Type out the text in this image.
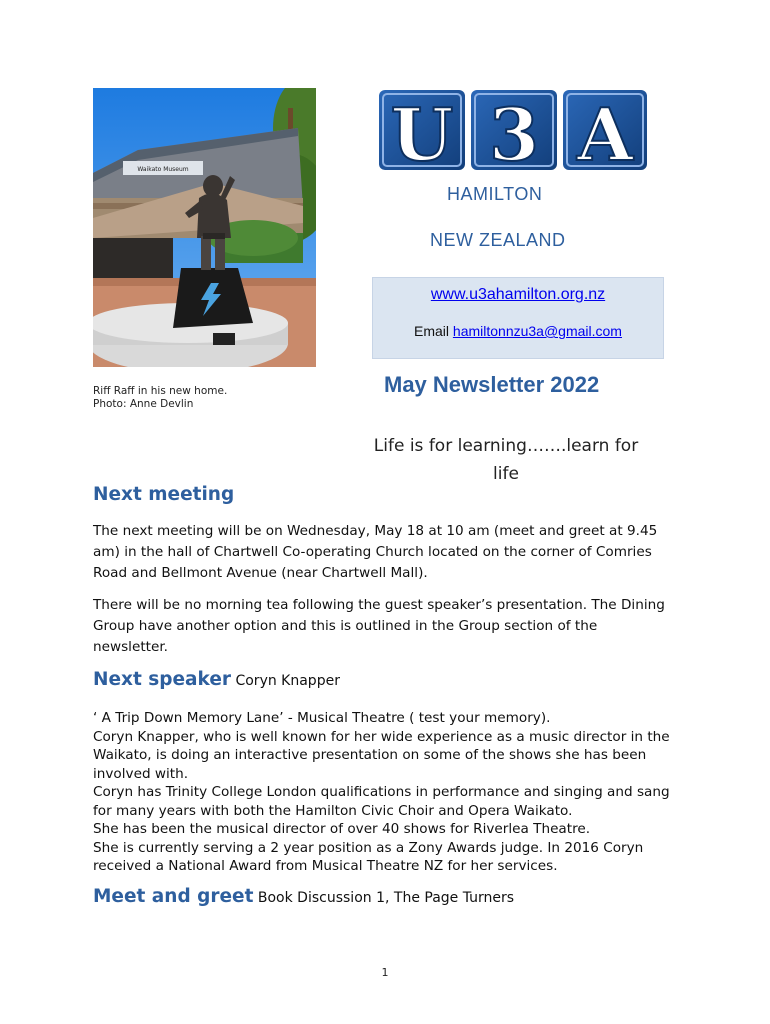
Waikato Museum
Riff Raff in his new home.
Photo: Anne Devlin
U 3 A
HAMILTON
NEW ZEALAND
www.u3ahamilton.org.nz
Email hamiltonnzu3a@gmail.com
May Newsletter 2022
Life is for learning…….learn for
life
Next meeting
The next meeting will be on Wednesday, May 18 at 10 am (meet and greet at 9.45
am) in the hall of Chartwell Co-operating Church located on the corner of Comries
Road and Bellmont Avenue (near Chartwell Mall).
There will be no morning tea following the guest speaker’s presentation. The Dining
Group have another option and this is outlined in the Group section of the
newsletter.
Next speaker Coryn Knapper
‘ A Trip Down Memory Lane’ - Musical Theatre ( test your memory).
Coryn Knapper, who is well known for her wide experience as a music director in the
Waikato, is doing an interactive presentation on some of the shows she has been
involved with.
Coryn has Trinity College London qualifications in performance and singing and sang
for many years with both the Hamilton Civic Choir and Opera Waikato.
She has been the musical director of over 40 shows for Riverlea Theatre.
She is currently serving a 2 year position as a Zony Awards judge. In 2016 Coryn
received a National Award from Musical Theatre NZ for her services.
Meet and greet Book Discussion 1, The Page Turners
1
